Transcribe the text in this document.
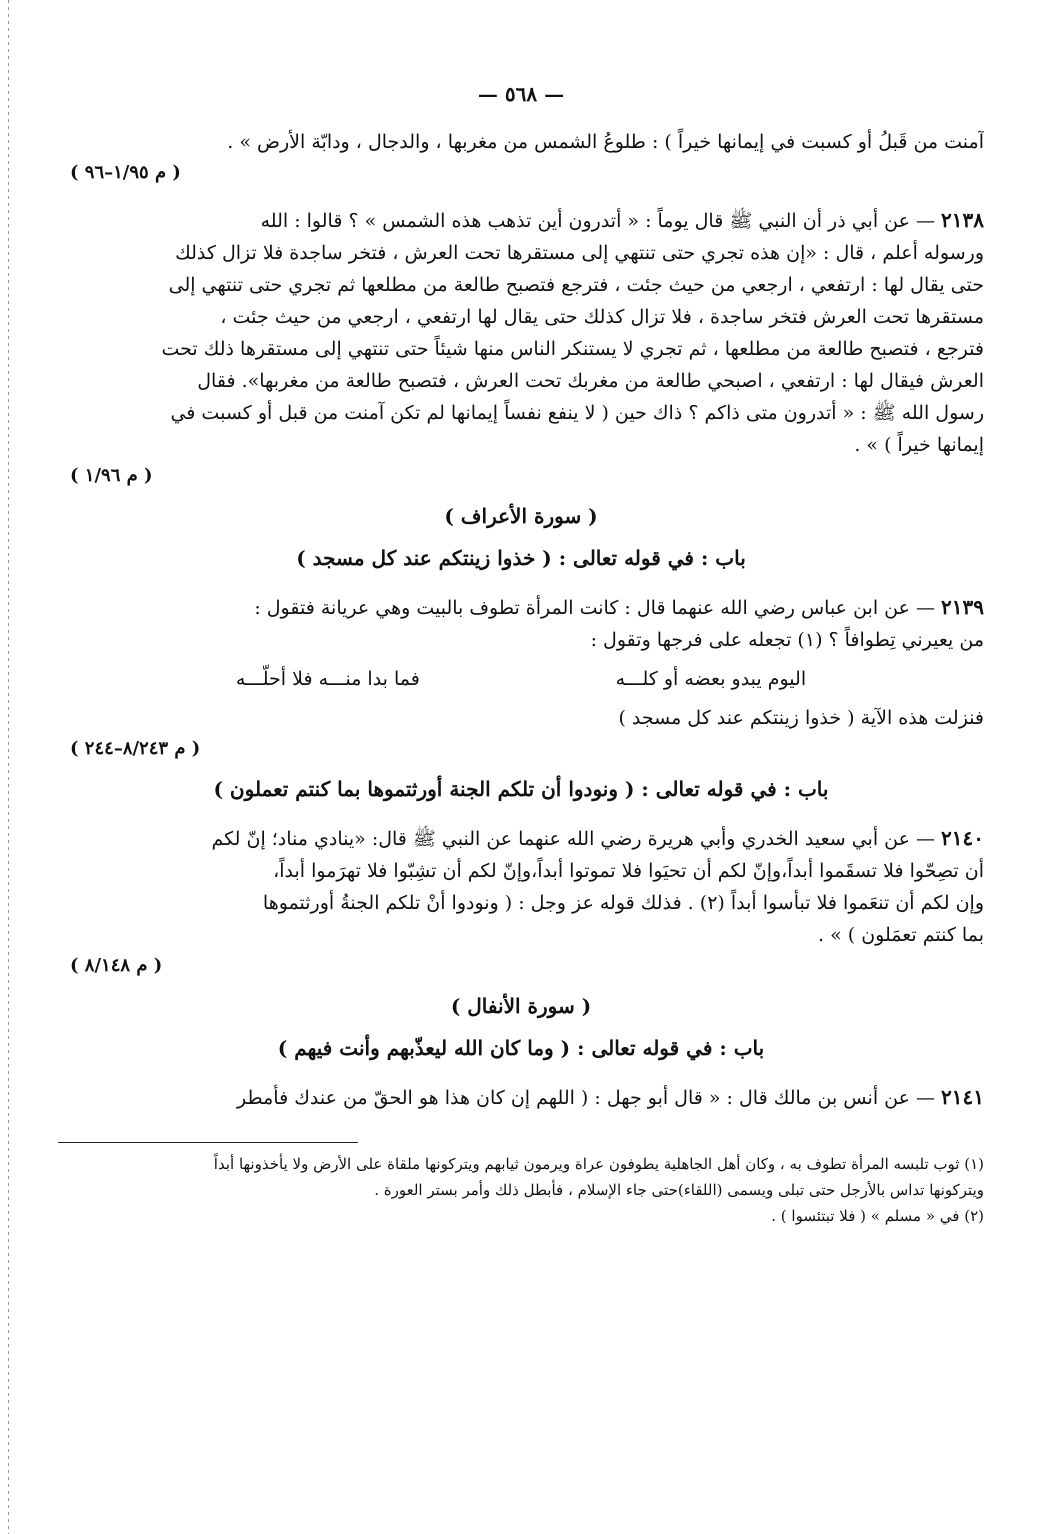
— ٥٦٨ —
آمنت من قَبلُ أو كسبت في إيمانها خيراً ) : طلوعُ الشمس من مغربها ، والدجال ، ودابّة الأرض » .
( م ١/٩٥–٩٦ )
٢١٣٨ — عن أبي ذر أن النبي ﷺ قال يوماً : « أتدرون أين تذهب هذه الشمس » ؟ قالوا : الله
ورسوله أعلم ، قال : «إن هذه تجري حتى تنتهي إلى مستقرها تحت العرش ، فتخر ساجدة فلا تزال كذلك
حتى يقال لها : ارتفعي ، ارجعي من حيث جئت ، فترجع فتصبح طالعة من مطلعها ثم تجري حتى تنتهي إلى
مستقرها تحت العرش فتخر ساجدة ، فلا تزال كذلك حتى يقال لها ارتفعي ، ارجعي من حيث جئت ،
فترجع ، فتصبح طالعة من مطلعها ، ثم تجري لا يستنكر الناس منها شيئاً حتى تنتهي إلى مستقرها ذلك تحت
العرش فيقال لها : ارتفعي ، اصبحي طالعة من مغربك تحت العرش ، فتصبح طالعة من مغربها». فقال
رسول الله ﷺ : « أتدرون متى ذاكم ؟ ذاك حين ( لا ينفع نفساً إيمانها لم تكن آمنت من قبل أو كسبت في
إيمانها خيراً ) » .
( م ١/٩٦ )
( سورة الأعراف )
باب : في قوله تعالى : ( خذوا زينتكم عند كل مسجد )
٢١٣٩ — عن ابن عباس رضي الله عنهما قال : كانت المرأة تطوف بالبيت وهي عريانة فتقول :
من يعيرني تِطوافاً ؟ (١) تجعله على فرجها وتقول :
اليوم يبدو بعضه أو كلـــه
فما بدا منـــه فلا أحلّـــه
فنزلت هذه الآية ( خذوا زينتكم عند كل مسجد )
( م ٨/٢٤٣–٢٤٤ )
باب : في قوله تعالى : ( ونودوا أن تلكم الجنة أورثتموها بما كنتم تعملون )
٢١٤٠ — عن أبي سعيد الخدري وأبي هريرة رضي الله عنهما عن النبي ﷺ قال: «ينادي مناد؛ إنّ لكم
أن تصِحّوا فلا تسقَموا أبداً،وإنّ لكم أن تحيَوا فلا تموتوا أبداً،وإنّ لكم أن تشِبّوا فلا تهرَموا أبداً،
وإن لكم أن تنعَموا فلا تبأسوا أبداً (٢) . فذلك قوله عز وجل : ( ونودوا أنْ تلكم الجنةُ أورثتموها
بما كنتم تعمَلون ) » .
( م ٨/١٤٨ )
( سورة الأنفال )
باب : في قوله تعالى : ( وما كان الله ليعذّبهم وأنت فيهم )
٢١٤١ — عن أنس بن مالك قال : « قال أبو جهل : ( اللهم إن كان هذا هو الحقّ من عندك فأمطر
(١) ثوب تلبسه المرأة تطوف به ، وكان أهل الجاهلية يطوفون عراة ويرمون ثيابهم ويتركونها ملقاة على الأرض ولا يأخذونها أبداً
ويتركونها تداس بالأرجل حتى تبلى ويسمى (اللقاء)حتى جاء الإسلام ، فأبطل ذلك وأمر بستر العورة .
(٢) في « مسلم » ( فلا تبتئسوا ) .
